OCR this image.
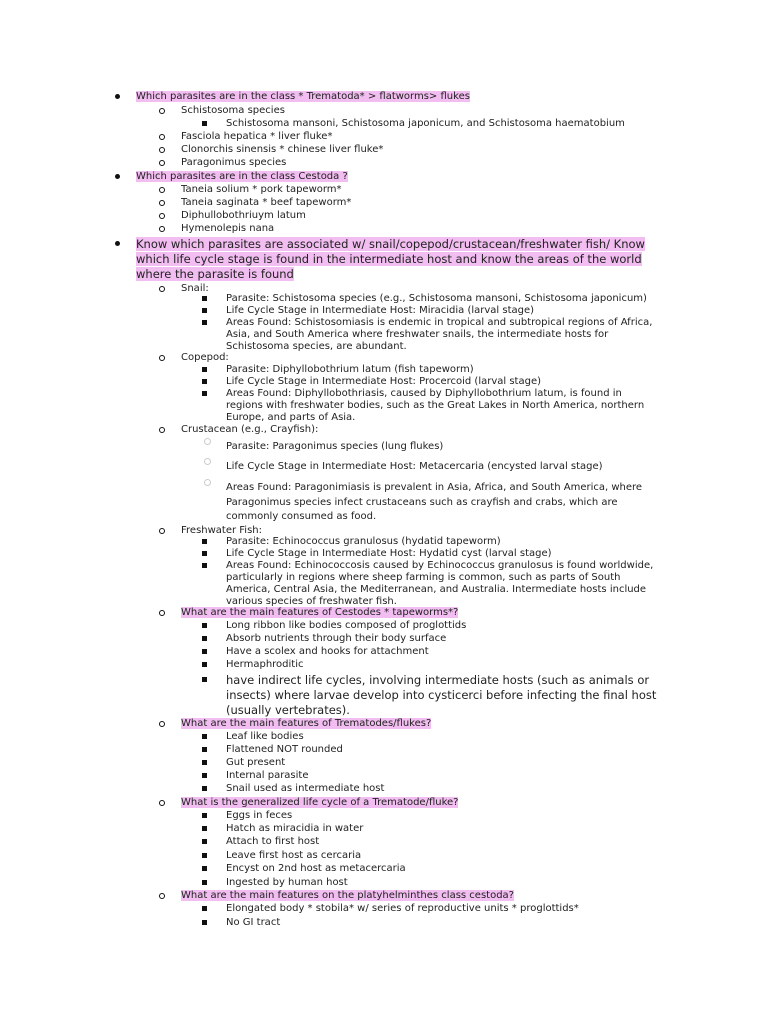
Which parasites are in the class * Trematoda* > flatworms> flukes
Schistosoma species
Schistosoma mansoni, Schistosoma japonicum, and Schistosoma haematobium
Fasciola hepatica * liver fluke*
Clonorchis sinensis * chinese liver fluke*
Paragonimus species
Which parasites are in the class Cestoda ?
Taneia solium * pork tapeworm*
Taneia saginata * beef tapeworm*
Diphullobothriuym latum
Hymenolepis nana
Know which parasites are associated w/ snail/copepod/crustacean/freshwater fish/ Know
which life cycle stage is found in the intermediate host and know the areas of the world
where the parasite is found
Snail:
Parasite: Schistosoma species (e.g., Schistosoma mansoni, Schistosoma japonicum)
Life Cycle Stage in Intermediate Host: Miracidia (larval stage)
Areas Found: Schistosomiasis is endemic in tropical and subtropical regions of Africa,
Asia, and South America where freshwater snails, the intermediate hosts for
Schistosoma species, are abundant.
Copepod:
Parasite: Diphyllobothrium latum (fish tapeworm)
Life Cycle Stage in Intermediate Host: Procercoid (larval stage)
Areas Found: Diphyllobothriasis, caused by Diphyllobothrium latum, is found in
regions with freshwater bodies, such as the Great Lakes in North America, northern
Europe, and parts of Asia.
Crustacean (e.g., Crayfish):
Parasite: Paragonimus species (lung flukes)
Life Cycle Stage in Intermediate Host: Metacercaria (encysted larval stage)
Areas Found: Paragonimiasis is prevalent in Asia, Africa, and South America, where
Paragonimus species infect crustaceans such as crayfish and crabs, which are
commonly consumed as food.
Freshwater Fish:
Parasite: Echinococcus granulosus (hydatid tapeworm)
Life Cycle Stage in Intermediate Host: Hydatid cyst (larval stage)
Areas Found: Echinococcosis caused by Echinococcus granulosus is found worldwide,
particularly in regions where sheep farming is common, such as parts of South
America, Central Asia, the Mediterranean, and Australia. Intermediate hosts include
various species of freshwater fish.
What are the main features of Cestodes * tapeworms*?
Long ribbon like bodies composed of proglottids
Absorb nutrients through their body surface
Have a scolex and hooks for attachment
Hermaphroditic
have indirect life cycles, involving intermediate hosts (such as animals or
insects) where larvae develop into cysticerci before infecting the final host
(usually vertebrates).
What are the main features of Trematodes/flukes?
Leaf like bodies
Flattened NOT rounded
Gut present
Internal parasite
Snail used as intermediate host
What is the generalized life cycle of a Trematode/fluke?
Eggs in feces
Hatch as miracidia in water
Attach to first host
Leave first host as cercaria
Encyst on 2nd host as metacercaria
Ingested by human host
What are the main features on the platyhelminthes class cestoda?
Elongated body * stobila* w/ series of reproductive units * proglottids*
No GI tract
